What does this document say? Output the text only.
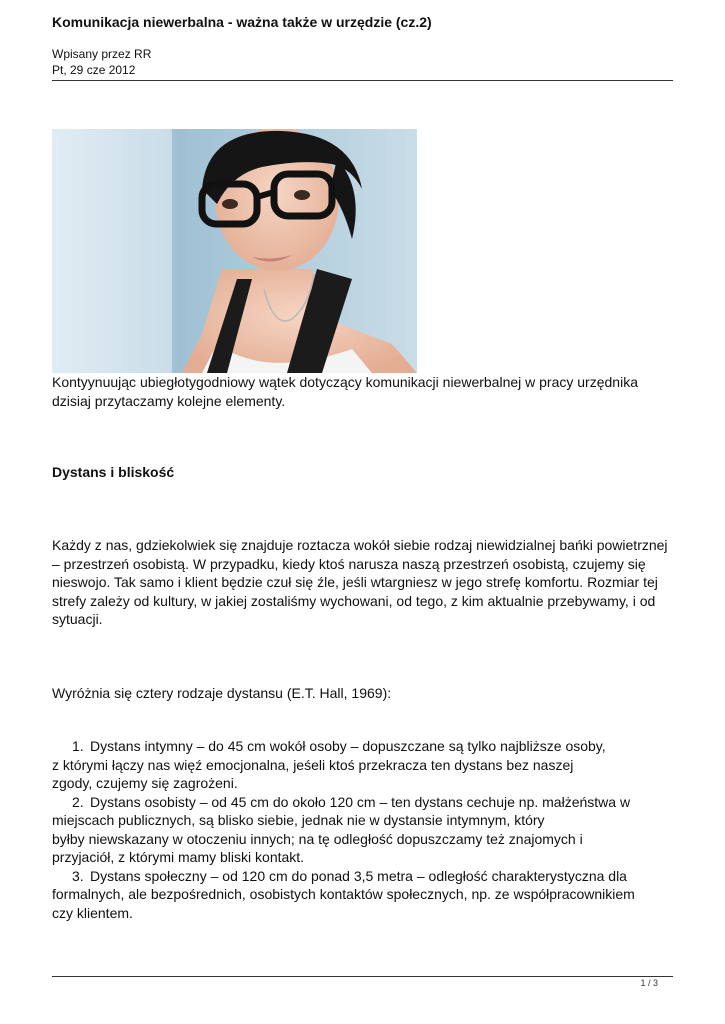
Komunikacja niewerbalna - ważna także w urzędzie (cz.2)
Wpisany przez RR
Pt, 29 cze 2012
Kontyynuując ubiegłotygodniowy wątek dotyczący komunikacji niewerbalnej w pracy urzędnika dzisiaj przytaczamy kolejne elementy.
Dystans i bliskość
Każdy z nas, gdziekolwiek się znajduje roztacza wokół siebie rodzaj niewidzialnej bańki powietrznej – przestrzeń osobistą. W przypadku, kiedy ktoś narusza naszą przestrzeń osobistą, czujemy się nieswojo. Tak samo i klient będzie czuł się źle, jeśli wtargniesz w jego strefę komfortu. Rozmiar tej strefy zależy od kultury, w jakiej zostaliśmy wychowani, od tego, z kim aktualnie przebywamy, i od sytuacji.
Wyróżnia się cztery rodzaje dystansu (E.T. Hall, 1969):
1. Dystans intymny – do 45 cm wokół osoby – dopuszczane są tylko najbliższe osoby,
z którymi łączy nas więź emocjonalna, jeśeli ktoś przekracza ten dystans bez naszej
zgody, czujemy się zagrożeni.
2. Dystans osobisty – od 45 cm do około 120 cm – ten dystans cechuje np. małżeństwa w
miejscach publicznych, są blisko siebie, jednak nie w dystansie intymnym, który
byłby niewskazany w otoczeniu innych; na tę odległość dopuszczamy też znajomych i
przyjaciół, z którymi mamy bliski kontakt.
3. Dystans społeczny – od 120 cm do ponad 3,5 metra – odległość charakterystyczna dla
formalnych, ale bezpośrednich, osobistych kontaktów społecznych, np. ze współpracownikiem
czy klientem.
1 / 3
